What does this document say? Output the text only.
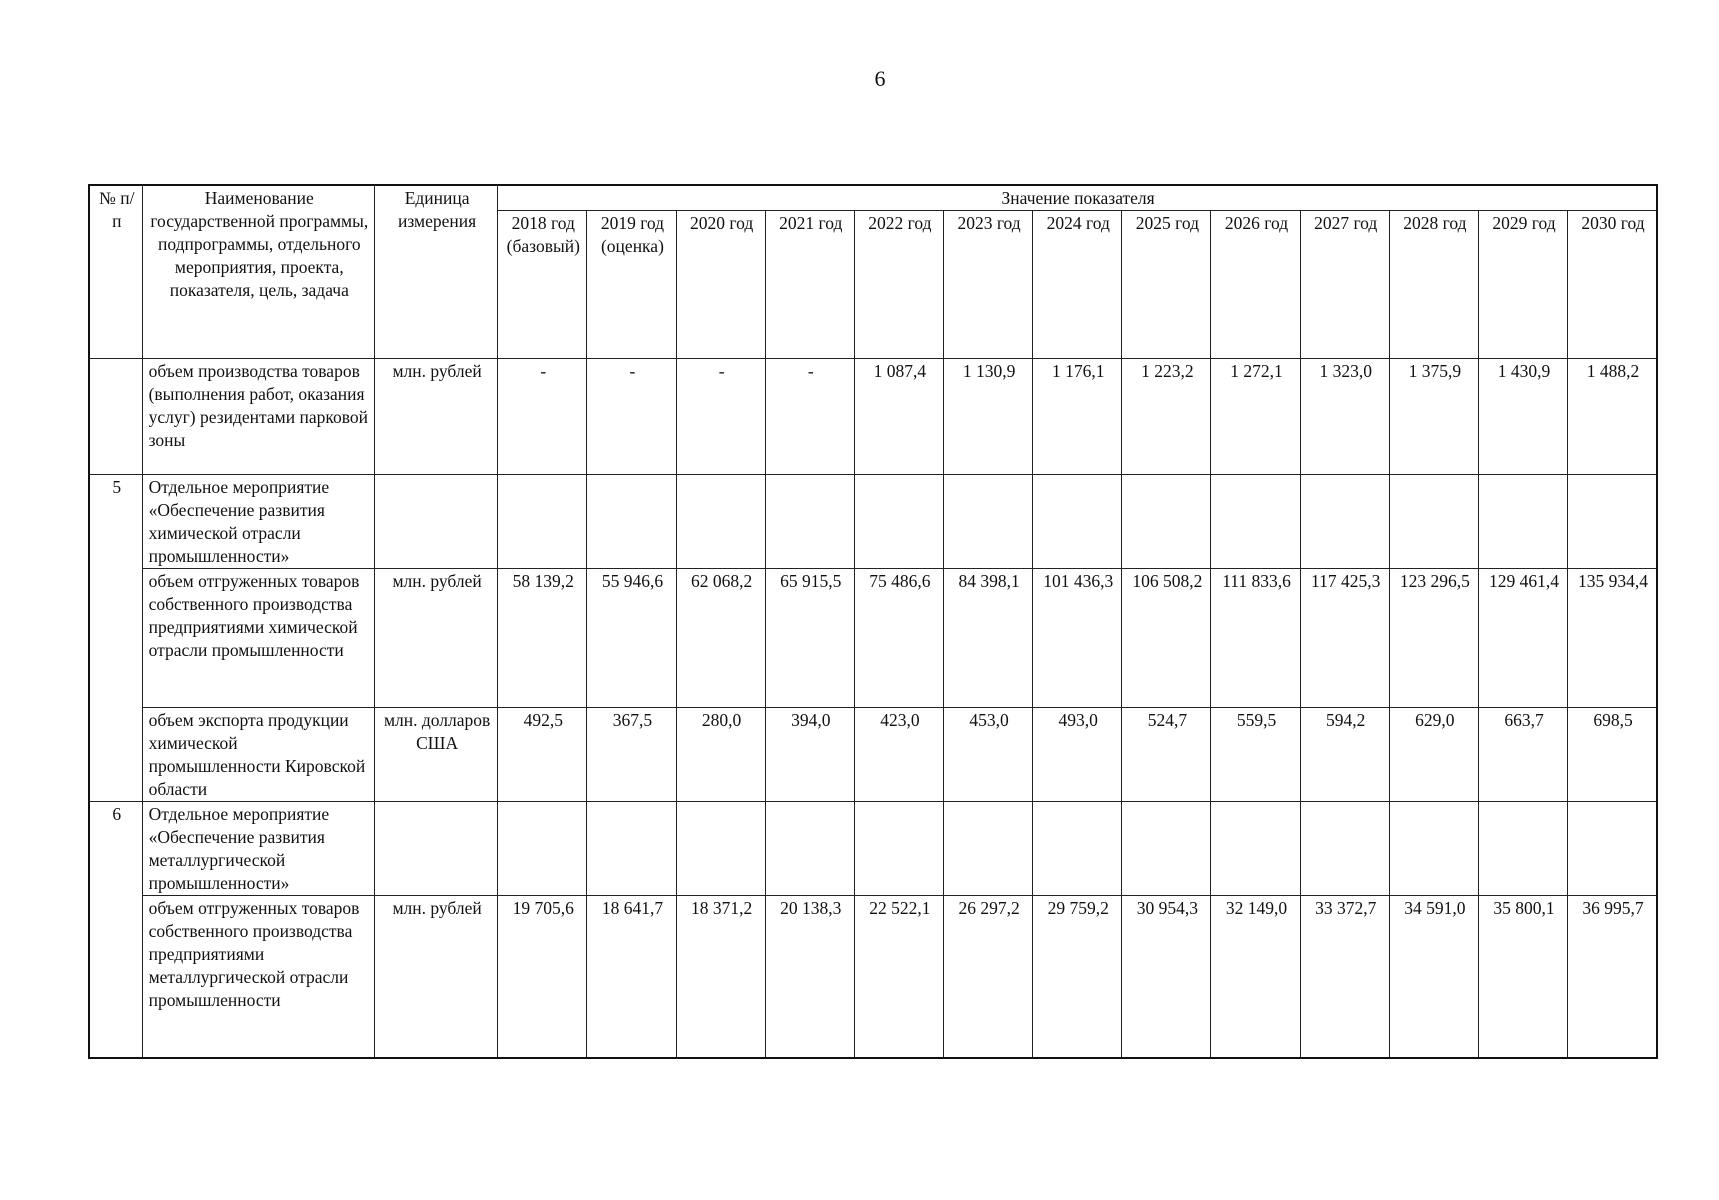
6
№ п/п	Наименование государственной программы, подпрограммы, отдельного мероприятия, проекта, показателя, цель, задача	Единица измерения	Значение показателя												
			2018 год (базовый)	2019 год (оценка)	2020 год	2021 год	2022 год	2023 год	2024 год	2025 год	2026 год	2027 год	2028 год	2029 год	2030 год
	объем производства товаров (выполнения работ, оказания услуг) резидентами парковой зоны	млн. рублей	-	-	-	-	1 087,4	1 130,9	1 176,1	1 223,2	1 272,1	1 323,0	1 375,9	1 430,9	1 488,2
5	Отдельное мероприятие «Обеспечение развития химической отрасли промышленности»														
	объем отгруженных товаров собственного производства предприятиями химической отрасли промышленности	млн. рублей	58 139,2	55 946,6	62 068,2	65 915,5	75 486,6	84 398,1	101 436,3	106 508,2	111 833,6	117 425,3	123 296,5	129 461,4	135 934,4
	объем экспорта продукции химической промышленности Кировской области	млн. долларов США	492,5	367,5	280,0	394,0	423,0	453,0	493,0	524,7	559,5	594,2	629,0	663,7	698,5
6	Отдельное мероприятие «Обеспечение развития металлургической промышленности»														
	объем отгруженных товаров собственного производства предприятиями металлургической отрасли промышленности	млн. рублей	19 705,6	18 641,7	18 371,2	20 138,3	22 522,1	26 297,2	29 759,2	30 954,3	32 149,0	33 372,7	34 591,0	35 800,1	36 995,7
